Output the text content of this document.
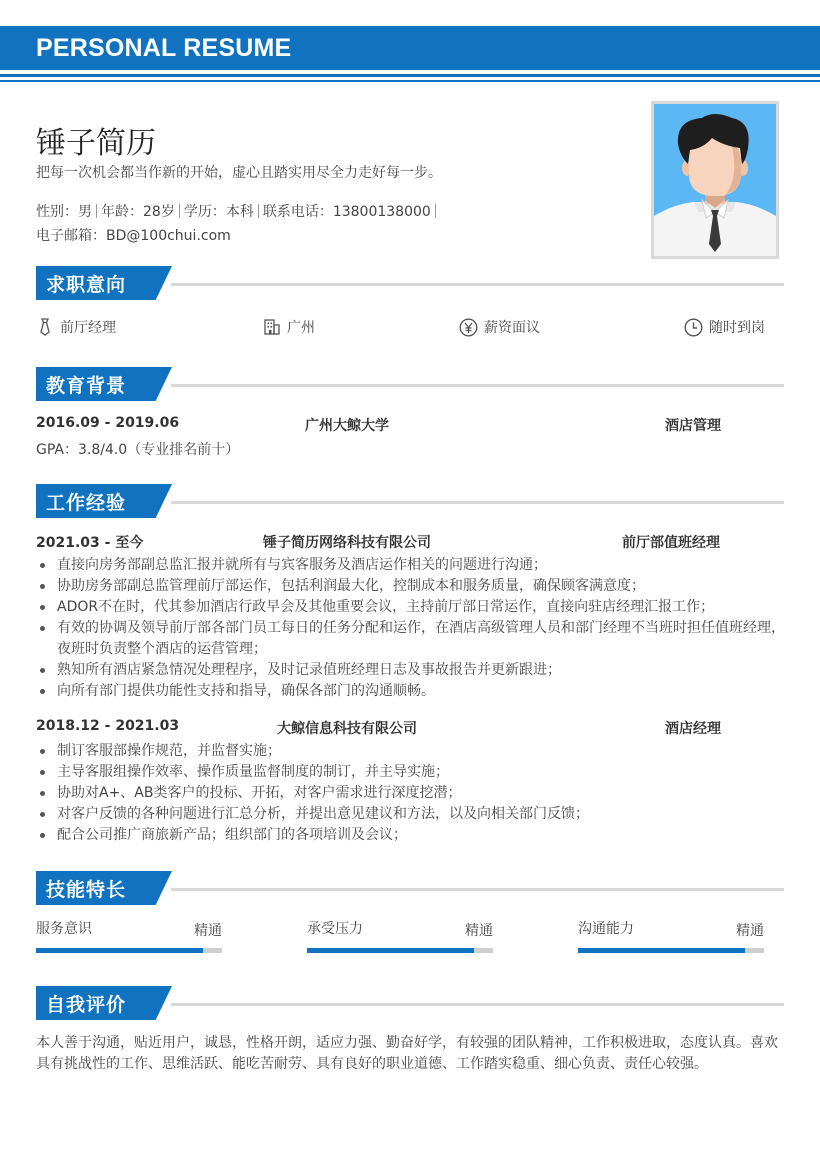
PERSONAL RESUME
锤子简历
把每一次机会都当作新的开始，虚心且踏实用尽全力走好每一步。
性别：男 年龄：28岁 学历：本科 联系电话：13800138000
电子邮箱：BD@100chui.com
求职意向
前厅经理	广州	薪资面议	随时到岗
教育背景
2016.09 - 2019.06	广州大鲸大学	酒店管理
GPA：3.8/4.0（专业排名前十）
工作经验
2021.03 - 至今	锤子简历网络科技有限公司	前厅部值班经理
直接向房务部副总监汇报并就所有与宾客服务及酒店运作相关的问题进行沟通；
协助房务部副总监管理前厅部运作，包括利润最大化，控制成本和服务质量，确保顾客满意度；
ADOR不在时，代其参加酒店行政早会及其他重要会议，主持前厅部日常运作，直接向驻店经理汇报工作；
有效的协调及领导前厅部各部门员工每日的任务分配和运作，在酒店高级管理人员和部门经理不当班时担任值班经理，夜班时负责整个酒店的运营管理；
熟知所有酒店紧急情况处理程序，及时记录值班经理日志及事故报告并更新跟进；
向所有部门提供功能性支持和指导，确保各部门的沟通顺畅。
2018.12 - 2021.03	大鲸信息科技有限公司	酒店经理
制订客服部操作规范，并监督实施；
主导客服组操作效率、操作质量监督制度的制订，并主导实施；
协助对A+、AB类客户的投标、开拓，对客户需求进行深度挖潜；
对客户反馈的各种问题进行汇总分析，并提出意见建议和方法，以及向相关部门反馈；
配合公司推广商旅新产品；组织部门的各项培训及会议；
技能特长
服务意识	精通	承受压力	精通	沟通能力	精通
自我评价
本人善于沟通，贴近用户，诚恳，性格开朗，适应力强、勤奋好学，有较强的团队精神，工作积极进取，态度认真。喜欢具有挑战性的工作、思维活跃、能吃苦耐劳、具有良好的职业道德、工作踏实稳重、细心负责、责任心较强。
